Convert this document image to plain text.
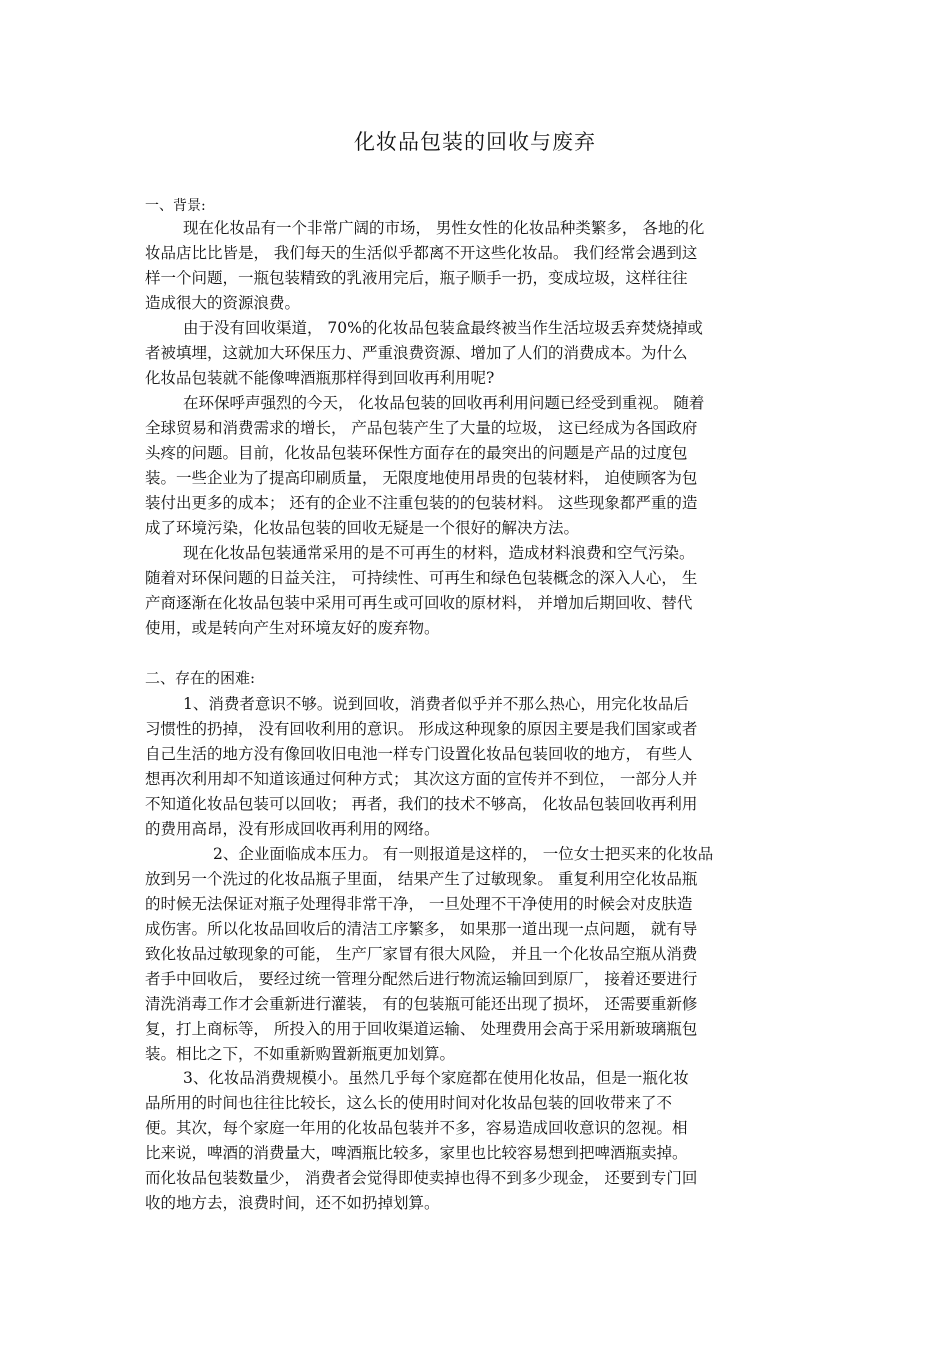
化妆品包装的回收与废弃
一、背景:
现在化妆品有一个非常广阔的市场， 男性女性的化妆品种类繁多， 各地的化
妆品店比比皆是， 我们每天的生活似乎都离不开这些化妆品。 我们经常会遇到这
样一个问题，一瓶包装精致的乳液用完后，瓶子顺手一扔，变成垃圾，这样往往
造成很大的资源浪费。
由于没有回收渠道， 70%的化妆品包装盒最终被当作生活垃圾丢弃焚烧掉或
者被填埋，这就加大环保压力、严重浪费资源、增加了人们的消费成本。为什么
化妆品包装就不能像啤酒瓶那样得到回收再利用呢?
在环保呼声强烈的今天， 化妆品包装的回收再利用问题已经受到重视。 随着
全球贸易和消费需求的增长， 产品包装产生了大量的垃圾， 这已经成为各国政府
头疼的问题。目前，化妆品包装环保性方面存在的最突出的问题是产品的过度包
装。一些企业为了提高印刷质量， 无限度地使用昂贵的包装材料， 迫使顾客为包
装付出更多的成本； 还有的企业不注重包装的的包装材料。 这些现象都严重的造
成了环境污染，化妆品包装的回收无疑是一个很好的解决方法。
现在化妆品包装通常采用的是不可再生的材料，造成材料浪费和空气污染。
随着对环保问题的日益关注， 可持续性、可再生和绿色包装概念的深入人心， 生
产商逐渐在化妆品包装中采用可再生或可回收的原材料， 并增加后期回收、替代
使用，或是转向产生对环境友好的废弃物。
二、存在的困难:
1、消费者意识不够。说到回收，消费者似乎并不那么热心，用完化妆品后
习惯性的扔掉， 没有回收利用的意识。 形成这种现象的原因主要是我们国家或者
自己生活的地方没有像回收旧电池一样专门设置化妆品包装回收的地方， 有些人
想再次利用却不知道该通过何种方式； 其次这方面的宣传并不到位， 一部分人并
不知道化妆品包装可以回收； 再者，我们的技术不够高， 化妆品包装回收再利用
的费用高昂，没有形成回收再利用的网络。
2、企业面临成本压力。 有一则报道是这样的， 一位女士把买来的化妆品
放到另一个洗过的化妆品瓶子里面， 结果产生了过敏现象。 重复利用空化妆品瓶
的时候无法保证对瓶子处理得非常干净， 一旦处理不干净使用的时候会对皮肤造
成伤害。所以化妆品回收后的清洁工序繁多， 如果那一道出现一点问题， 就有导
致化妆品过敏现象的可能， 生产厂家冒有很大风险， 并且一个化妆品空瓶从消费
者手中回收后， 要经过统一管理分配然后进行物流运输回到原厂， 接着还要进行
清洗消毒工作才会重新进行灌装， 有的包装瓶可能还出现了损坏， 还需要重新修
复，打上商标等， 所投入的用于回收渠道运输、 处理费用会高于采用新玻璃瓶包
装。相比之下，不如重新购置新瓶更加划算。
3、化妆品消费规模小。虽然几乎每个家庭都在使用化妆品，但是一瓶化妆
品所用的时间也往往比较长，这么长的使用时间对化妆品包装的回收带来了不
便。其次，每个家庭一年用的化妆品包装并不多，容易造成回收意识的忽视。相
比来说，啤酒的消费量大，啤酒瓶比较多，家里也比较容易想到把啤酒瓶卖掉。
而化妆品包装数量少， 消费者会觉得即使卖掉也得不到多少现金， 还要到专门回
收的地方去，浪费时间，还不如扔掉划算。
